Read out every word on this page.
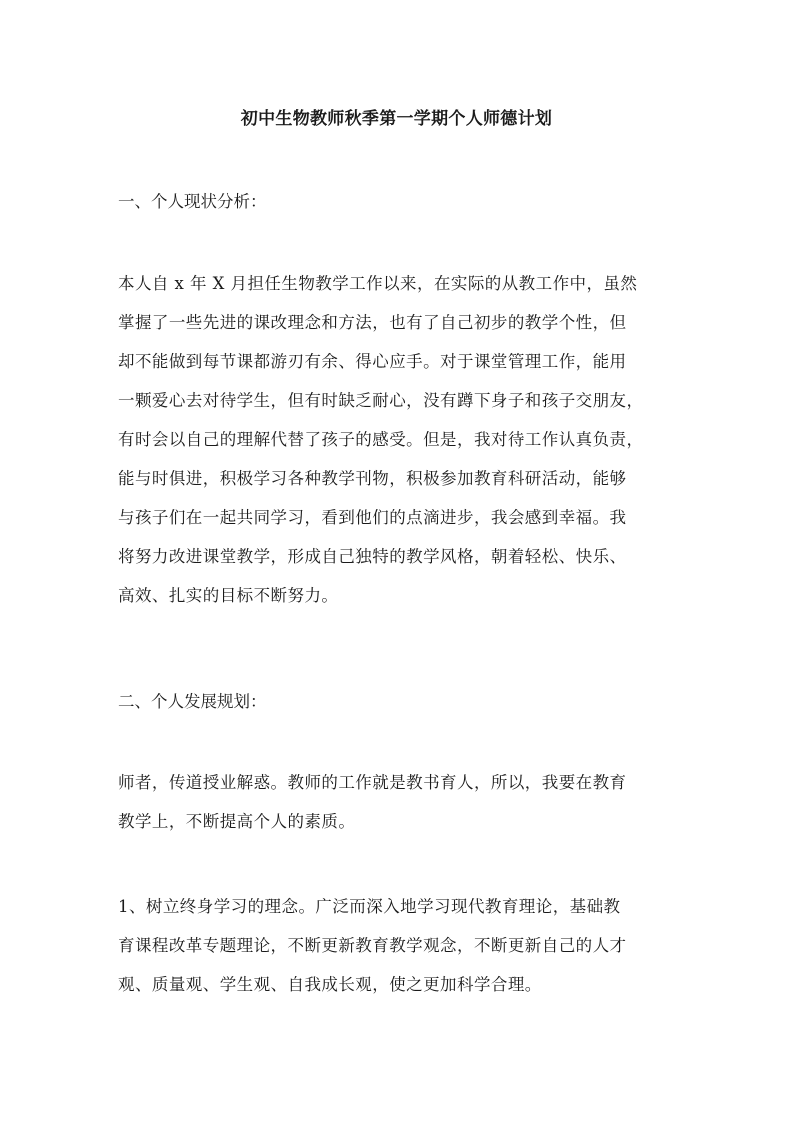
初中生物教师秋季第一学期个人师德计划
一、个人现状分析：
本人自 x 年 X 月担任生物教学工作以来，在实际的从教工作中，虽然
掌握了一些先进的课改理念和方法，也有了自己初步的教学个性，但
却不能做到每节课都游刃有余、得心应手。对于课堂管理工作，能用
一颗爱心去对待学生，但有时缺乏耐心，没有蹲下身子和孩子交朋友，
有时会以自己的理解代替了孩子的感受。但是，我对待工作认真负责，
能与时俱进，积极学习各种教学刊物，积极参加教育科研活动，能够
与孩子们在一起共同学习，看到他们的点滴进步，我会感到幸福。我
将努力改进课堂教学，形成自己独特的教学风格，朝着轻松、快乐、
高效、扎实的目标不断努力。
二、个人发展规划：
师者，传道授业解惑。教师的工作就是教书育人，所以，我要在教育
教学上，不断提高个人的素质。
1、树立终身学习的理念。广泛而深入地学习现代教育理论，基础教
育课程改革专题理论，不断更新教育教学观念，不断更新自己的人才
观、质量观、学生观、自我成长观，使之更加科学合理。
